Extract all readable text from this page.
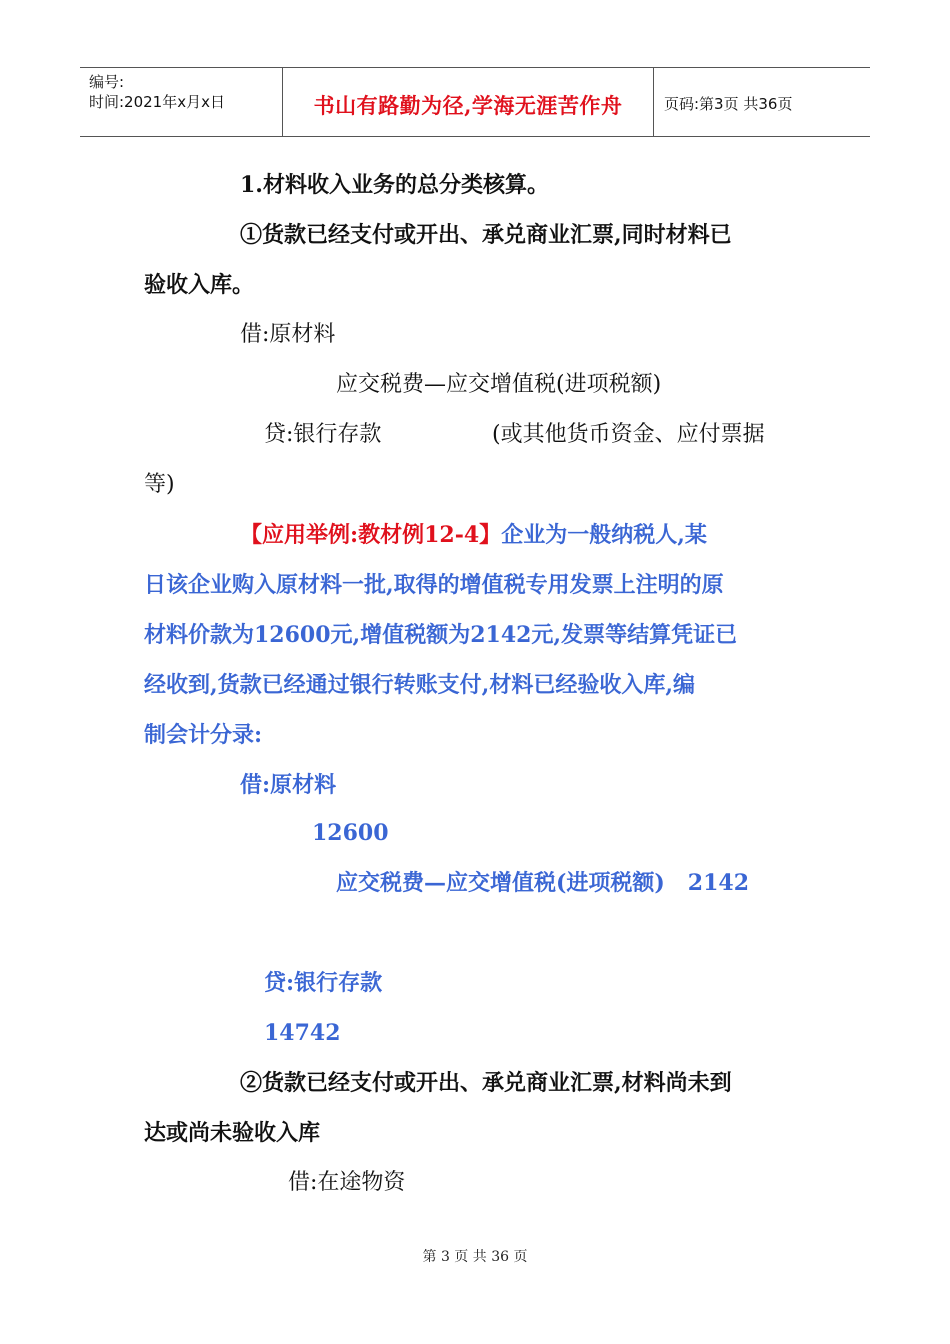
编号:
时间:2021年x月x日	书山有路勤为径,学海无涯苦作舟	页码:第3页 共36页
1.材料收入业务的总分类核算。
①货款已经支付或开出、承兑商业汇票,同时材料已
验收入库。
借:原材料
应交税费—应交增值税(进项税额)
贷:银行存款	(或其他货币资金、应付票据
等)
【应用举例:教材例12-4】企业为一般纳税人,某
日该企业购入原材料一批,取得的增值税专用发票上注明的原
材料价款为12600元,增值税额为2142元,发票等结算凭证已
经收到,货款已经通过银行转账支付,材料已经验收入库,编
制会计分录:
借:原材料
12600
应交税费—应交增值税(进项税额)   2142
贷:银行存款
14742
②货款已经支付或开出、承兑商业汇票,材料尚未到
达或尚未验收入库
借:在途物资
第 3 页 共 36 页
